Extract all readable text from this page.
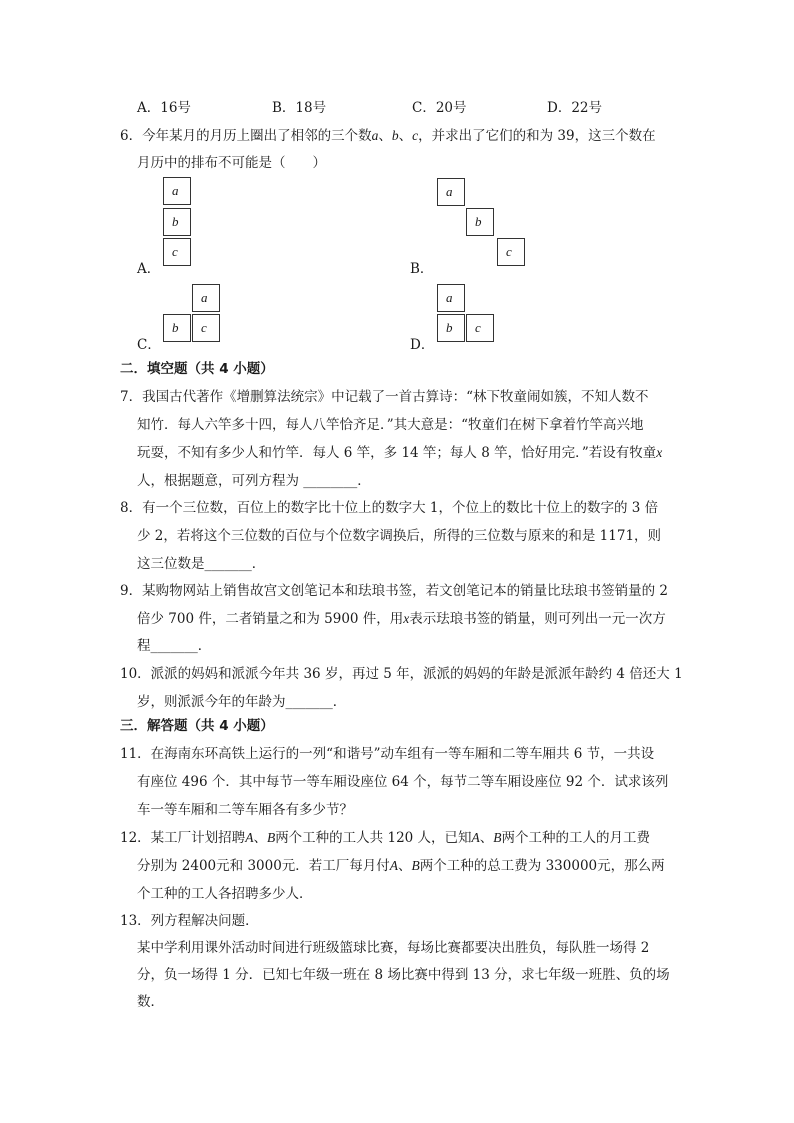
A．16号	B．18号	C．20号	D．22号
6．今年某月的月历上圈出了相邻的三个数a、b、c，并求出了它们的和为 39，这三个数在
月历中的排布不可能是（　　）
a
b
c
A．
a
b
c
B．
a
b	c
C．
a
b	c
D．
二．填空题（共 4 小题）
7．我国古代著作《增删算法统宗》中记载了一首古算诗：“林下牧童闹如簇，不知人数不
知竹．每人六竿多十四，每人八竿恰齐足．”其大意是：“牧童们在树下拿着竹竿高兴地
玩耍，不知有多少人和竹竿．每人 6 竿，多 14 竿；每人 8 竿，恰好用完．”若设有牧童x
人，根据题意，可列方程为 ________．
8．有一个三位数，百位上的数字比十位上的数字大 1，个位上的数比十位上的数字的 3 倍
少 2，若将这个三位数的百位与个位数字调换后，所得的三位数与原来的和是 1171，则
这三位数是_______．
9．某购物网站上销售故宫文创笔记本和珐琅书签，若文创笔记本的销量比珐琅书签销量的 2
倍少 700 件，二者销量之和为 5900 件，用x表示珐琅书签的销量，则可列出一元一次方
程_______．
10．派派的妈妈和派派今年共 36 岁，再过 5 年，派派的妈妈的年龄是派派年龄约 4 倍还大 1
岁，则派派今年的年龄为_______．
三．解答题（共 4 小题）
11．在海南东环高铁上运行的一列“和谐号”动车组有一等车厢和二等车厢共 6 节，一共设
有座位 496 个．其中每节一等车厢设座位 64 个，每节二等车厢设座位 92 个．试求该列
车一等车厢和二等车厢各有多少节？
12．某工厂计划招聘A、B两个工种的工人共 120 人，已知A、B两个工种的工人的月工费
分别为 2400元和 3000元．若工厂每月付A、B两个工种的总工费为 330000元，那么两
个工种的工人各招聘多少人．
13．列方程解决问题．
某中学利用课外活动时间进行班级篮球比赛，每场比赛都要决出胜负，每队胜一场得 2
分，负一场得 1 分．已知七年级一班在 8 场比赛中得到 13 分，求七年级一班胜、负的场
数．
